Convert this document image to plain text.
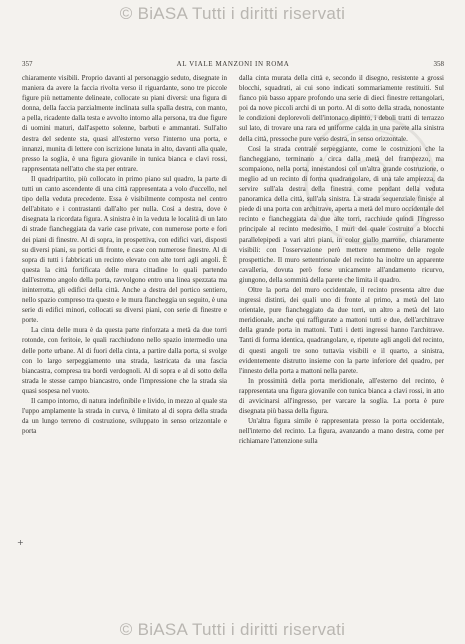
© BiASA Tutti i diritti riservati
357	AL VIALE MANZONI IN ROMA	358

chiaramente visibili. Proprio davanti al personaggio seduto, disegnate in maniera da avere la faccia rivolta verso il riguardante, sono tre piccole figure più nettamente delineate, collocate su piani diversi: una figura di donna, della faccia parzialmente inclinata sulla spalla destra, con manto, a pella, ricadente dalla testa e avvolto intorno alla persona, tra due figure di uomini maturi, dall'aspetto solenne, barbuti e ammantati. Sull'alto destra del sedente sta, quasi all'esterno verso l'interno una porta, e innanzi, munita di lettere con iscrizione lunata in alto, davanti alla quale, presso la soglia, è una figura giovanile in tunica bianca e clavi rossi, rappresentata nell'atto che sta per entrare.

Il quadripartito, più collocato in primo piano sul quadro, la parte di tutti un canto ascendente di una città rappresentata a volo d'uccello, nel tipo della veduta precedente. Essa è visibilmente composta nel centro dell'abitato e i contrastanti dall'alto per nulla. Così a destra, dove è disegnata la ricordata figura. A sinistra è in la veduta le località di un lato di strade fiancheggiata da varie case private, con numerose porte e fori dei piani di finestre. Al di sopra, in prospettiva, con edifici vari, disposti su diversi piani, su portici di fronte, e case con numerose finestre. Al di sopra di tutti i fabbricati un recinto elevato con alte torri agli angoli. È questa la città fortificata delle mura cittadine lo quali partendo dall'estremo angolo della porta, ravvolgono entro una linea spezzata ma ininterrotta, gli edifici della città. Anche a destra del portico sentiero, nello spazio compreso tra questo e le mura flancheggia un seguito, è una serie di edifici minori, collocati su diversi piani, con serie di finestre e porte.

La cinta delle mura è da questa parte rinforzata a metà da due torri rotonde, con feritoie, le quali racchiudono nello spazio intermedio una delle porte urbane. Al di fuori della cinta, a partire dalla porta, si svolge con lo largo serpeggiamento una strada, lastricata da una fascia biancastra, compresa tra bordi verdognoli. Al di sopra e al di sotto della strada le stesse campo biancastro, onde l'impressione che la strada sia quasi sospesa nel vuoto.

Il campo intorno, di natura indefinibile e livido, in mezzo al quale sta l'uppo amplamente la strada in curva, è limitato al di sopra della strada da un lungo terreno di costruzione, sviluppato in senso orizzontale e porta

dalla cinta murata della città e, secondo il disegno, resistente a grossi blocchi, squadrati, ai cui sono indicati sommariamente restituiti. Sul fianco più basso appare profondo una serie di dieci finestre rettangolari, poi da nove piccoli archi di un porto. Al di sotto della strada, nonostante le condizioni deplorevoli dell'intonaco dipinto, i deboli tratti di terrazzo sul lato, di trovare una rara ed uniforme calda in una parete alla sinistra della città, pressoche pure verso destra, in senso orizzontale.

Così la strada centrale serpeggiante, come le costruzioni che la fiancheggiano, terminano a circa dalla metà del frampezzo, ma scompaiono, nella porta, innestandosi col un'altra grande costruzione, o meglio ad un recinto di forma quadrangolare, di una tale ampiezza, da servire sull'ala destra della finestra come pendant della veduta panoramica della città, sull'ala sinistra. La strada sequenziale finisce al piede di una porta con architrave, aperta a metà del muro occidentale del recinto e fiancheggiata da due alte torri, racchiude quindi l'ingresso principale al recinto medesimo. I muri del quale costruito a blocchi parallelepipedi a vari altri piani, in color giallo marrone, chiaramente visibili: con l'osservazione però mettere nemmeno delle regole prospettiche. Il muro settentrionale del recinto ha inoltre un apparente cavalleria, dovuta però forse unicamente all'andamento ricurvo, giungono, della sommità della parete che limita il quadro.

Oltre la porta del muro occidentale, il recinto presenta altre due ingressi distinti, dei quali uno di fronte al primo, a metà del lato orientale, pure fiancheggiato da due torri, un altro a metà del lato meridionale, anche qui raffigurate a mattoni tutti e due, dell'architrave della grande porta in mattoni. Tutti i detti ingressi hanno l'architrave. Tanti di forma identica, quadrangolare, e, ripetute agli angoli del recinto, di questi angoli tre sono tuttavia visibili e il quarto, a sinistra, evidentemente distrutto insieme con la parte inferiore del quadro, per l'innesto della porta a mattoni nella parete.

In prossimità della porta meridionale, all'esterno del recinto, è rappresentata una figura giovanile con tunica bianca a clavi rossi, in atto di avvicinarsi all'ingresso, per varcare la soglia. La porta è pure disegnata più bassa della figura.

Un'altra figura simile è rappresentata presso la porta occidentale, nell'interno del recinto. La figura, avanzando a mano destra, come per richiamare l'attenzione sulla

+
© BiASA Tutti i diritti riservati
